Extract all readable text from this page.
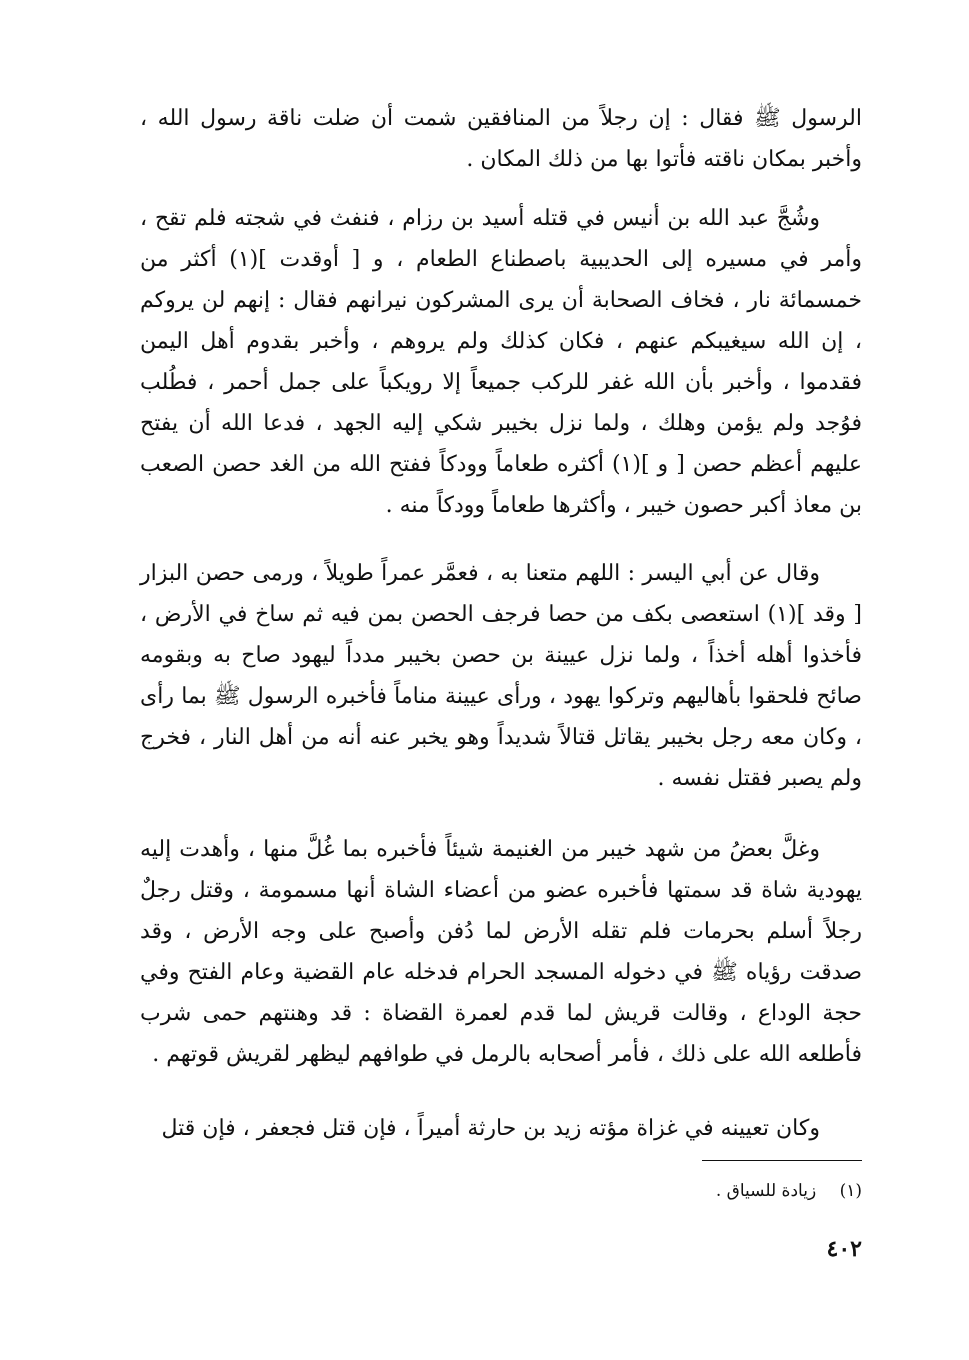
الرسول ﷺ فقال : إن رجلاً من المنافقين شمت أن ضلت ناقة رسول الله ، وأخبر بمكان ناقته فأتوا بها من ذلك المكان .

وشُجَّ عبد الله بن أنيس في قتله أسيد بن رزام ، فنفث في شجته فلم تقح ، وأمر في مسيره إلى الحديبية باصطناع الطعام ، و [ أوقدت ](١) أكثر من خمسمائة نار ، فخاف الصحابة أن يرى المشركون نيرانهم فقال : إنهم لن يروكم ، إن الله سيغيبكم عنهم ، فكان كذلك ولم يروهم ، وأخبر بقدوم أهل اليمن فقدموا ، وأخبر بأن الله غفر للركب جميعاً إلا رويكباً على جمل أحمر ، فطُلب فوُجد ولم يؤمن وهلك ، ولما نزل بخيبر شكي إليه الجهد ، فدعا الله أن يفتح عليهم أعظم حصن [ و ](١) أكثره طعاماً وودكاً ففتح الله من الغد حصن الصعب بن معاذ أكبر حصون خيبر ، وأكثرها طعاماً وودكاً منه .

وقال عن أبي اليسر : اللهم متعنا به ، فعمَّر عمراً طويلاً ، ورمى حصن البزار [ وقد ](١) استعصى بكف من حصا فرجف الحصن بمن فيه ثم ساخ في الأرض ، فأخذوا أهله أخذاً ، ولما نزل عيينة بن حصن بخيبر مدداً ليهود صاح به وبقومه صائح فلحقوا بأهاليهم وتركوا يهود ، ورأى عيينة مناماً فأخبره الرسول ﷺ بما رأى ، وكان معه رجل بخيبر يقاتل قتالاً شديداً وهو يخبر عنه أنه من أهل النار ، فخرج ولم يصبر فقتل نفسه .

وغلَّ بعضُ من شهد خيبر من الغنيمة شيئاً فأخبره بما غُلَّ منها ، وأهدت إليه يهودية شاة قد سمتها فأخبره عضو من أعضاء الشاة أنها مسمومة ، وقتل رجلٌ رجلاً أسلم بحرمات فلم تقله الأرض لما دُفن وأصبح على وجه الأرض ، وقد صدقت رؤياه ﷺ في دخوله المسجد الحرام فدخله عام القضية وعام الفتح وفي حجة الوداع ، وقالت قريش لما قدم لعمرة القضاة : قد وهنتهم حمى شرب فأطلعه الله على ذلك ، فأمر أصحابه بالرمل في طوافهم ليظهر لقريش قوتهم .

وكان تعيينه في غزاة مؤته زيد بن حارثة أميراً ، فإن قتل فجعفر ، فإن قتل

(١) زيادة للسياق .
٤٠٢
